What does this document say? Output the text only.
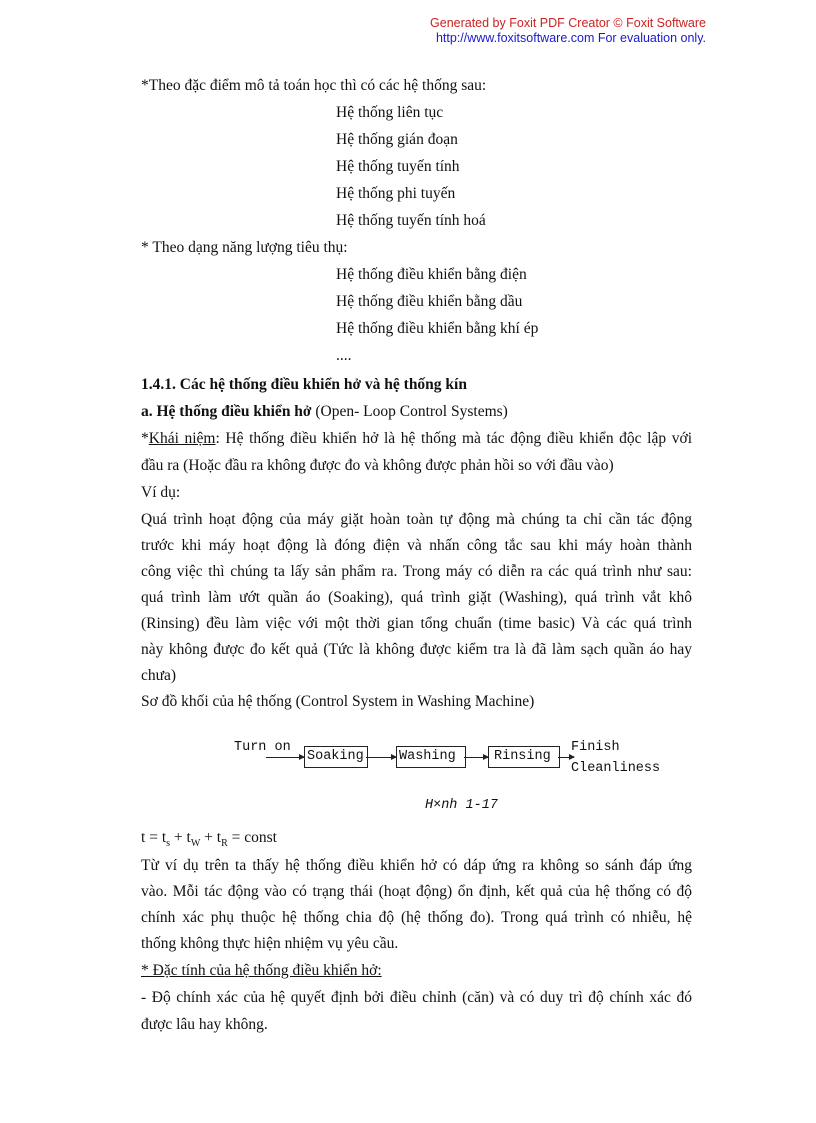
Generated by Foxit PDF Creator © Foxit Software
http://www.foxitsoftware.com For evaluation only.
*Theo đặc điểm mô tả toán học thì có các hệ thống sau:
Hệ thống liên tục
Hệ thống gián đoạn
Hệ thống tuyến tính
Hệ thống phi tuyến
Hệ thống tuyến tính hoá
* Theo dạng năng lượng tiêu thụ:
Hệ thống điều khiển bằng điện
Hệ thống điều khiển bằng dầu
Hệ thống điều khiển bằng khí ép
....
1.4.1. Các hệ thống điều khiển hở và hệ thống kín
a. Hệ thống điều khiển hở (Open- Loop Control Systems)
*Khái niệm: Hệ thống điều khiển hở là hệ thống mà tác động điều khiển độc lập với
đầu ra (Hoặc đầu ra không được đo và không được phản hồi so với đầu vào)
Ví dụ:
Quá trình hoạt động của máy giặt hoàn toàn tự động mà chúng ta chỉ cần tác động
trước khi máy hoạt động là đóng điện và nhấn công tắc sau khi máy hoàn thành
công việc thì chúng ta lấy sản phẩm ra. Trong máy có diễn ra các quá trình như sau:
quá trình làm ướt quần áo (Soaking), quá trình giặt (Washing), quá trình vắt khô
(Rinsing) đều làm việc với một thời gian tổng chuẩn (time basic) Và các quá trình
này không được đo kết quả (Tức là không được kiểm tra là đã làm sạch quần áo hay
chưa)
Sơ đồ khối của hệ thống (Control System in Washing Machine)
Turn on
Soaking	Washing	Rinsing
Finish
Cleanliness
H×nh 1-17
$t = t_s + t_W + t_R$ = const
Từ ví dụ trên ta thấy hệ thống điều khiển hở có dáp ứng ra không so sánh đáp ứng
vào. Mỗi tác động vào có trạng thái (hoạt động) ổn định, kết quả của hệ thống có độ
chính xác phụ thuộc hệ thống chia độ (hệ thống đo). Trong quá trình có nhiễu, hệ
thống không thực hiện nhiệm vụ yêu cầu.
* Đặc tính của hệ thống điều khiển hở:
- Độ chính xác của hệ quyết định bởi điều chỉnh (căn) và có duy trì độ chính xác đó
được lâu hay không.
